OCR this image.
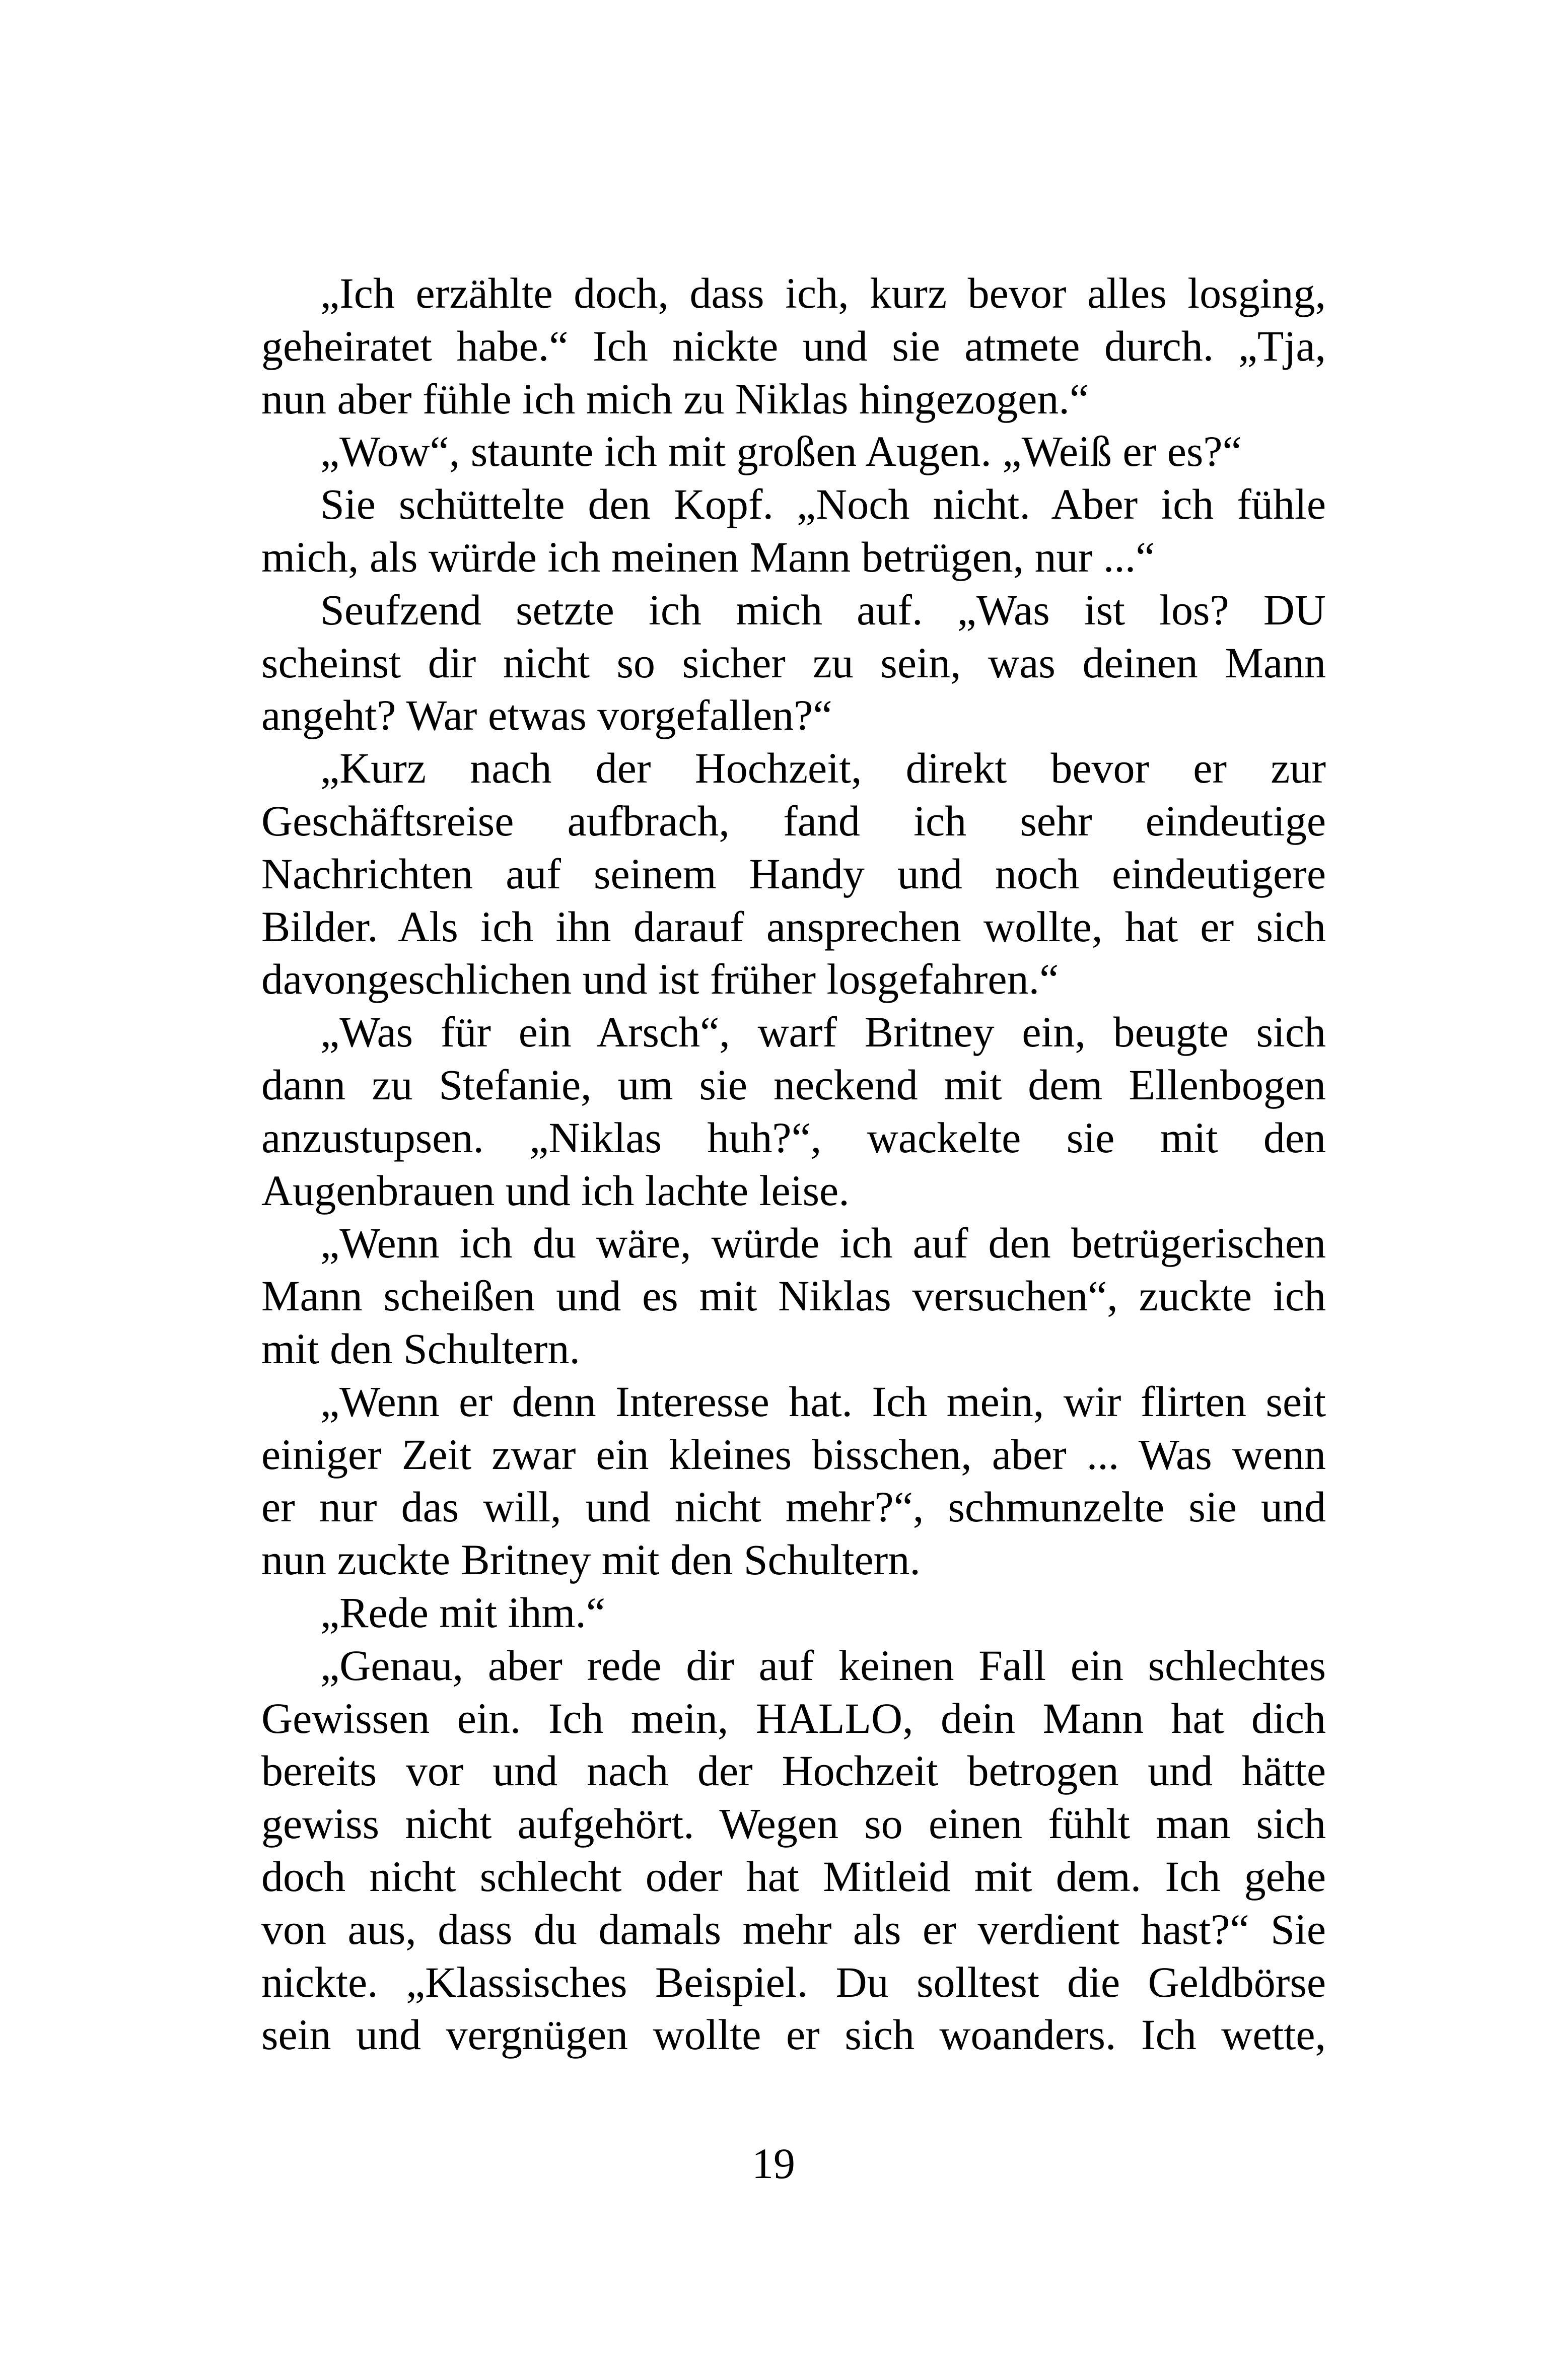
„Ich erzählte doch, dass ich, kurz bevor alles losging,
geheiratet habe.“ Ich nickte und sie atmete durch. „Tja,
nun aber fühle ich mich zu Niklas hingezogen.“
„Wow“, staunte ich mit großen Augen. „Weiß er es?“
Sie schüttelte den Kopf. „Noch nicht. Aber ich fühle
mich, als würde ich meinen Mann betrügen, nur ...“
Seufzend setzte ich mich auf. „Was ist los? DU
scheinst dir nicht so sicher zu sein, was deinen Mann
angeht? War etwas vorgefallen?“
„Kurz nach der Hochzeit, direkt bevor er zur
Geschäftsreise aufbrach, fand ich sehr eindeutige
Nachrichten auf seinem Handy und noch eindeutigere
Bilder. Als ich ihn darauf ansprechen wollte, hat er sich
davongeschlichen und ist früher losgefahren.“
„Was für ein Arsch“, warf Britney ein, beugte sich
dann zu Stefanie, um sie neckend mit dem Ellenbogen
anzustupsen. „Niklas huh?“, wackelte sie mit den
Augenbrauen und ich lachte leise.
„Wenn ich du wäre, würde ich auf den betrügerischen
Mann scheißen und es mit Niklas versuchen“, zuckte ich
mit den Schultern.
„Wenn er denn Interesse hat. Ich mein, wir flirten seit
einiger Zeit zwar ein kleines bisschen, aber ... Was wenn
er nur das will, und nicht mehr?“, schmunzelte sie und
nun zuckte Britney mit den Schultern.
„Rede mit ihm.“
„Genau, aber rede dir auf keinen Fall ein schlechtes
Gewissen ein. Ich mein, HALLO, dein Mann hat dich
bereits vor und nach der Hochzeit betrogen und hätte
gewiss nicht aufgehört. Wegen so einen fühlt man sich
doch nicht schlecht oder hat Mitleid mit dem. Ich gehe
von aus, dass du damals mehr als er verdient hast?“ Sie
nickte. „Klassisches Beispiel. Du solltest die Geldbörse
sein und vergnügen wollte er sich woanders. Ich wette,
19
